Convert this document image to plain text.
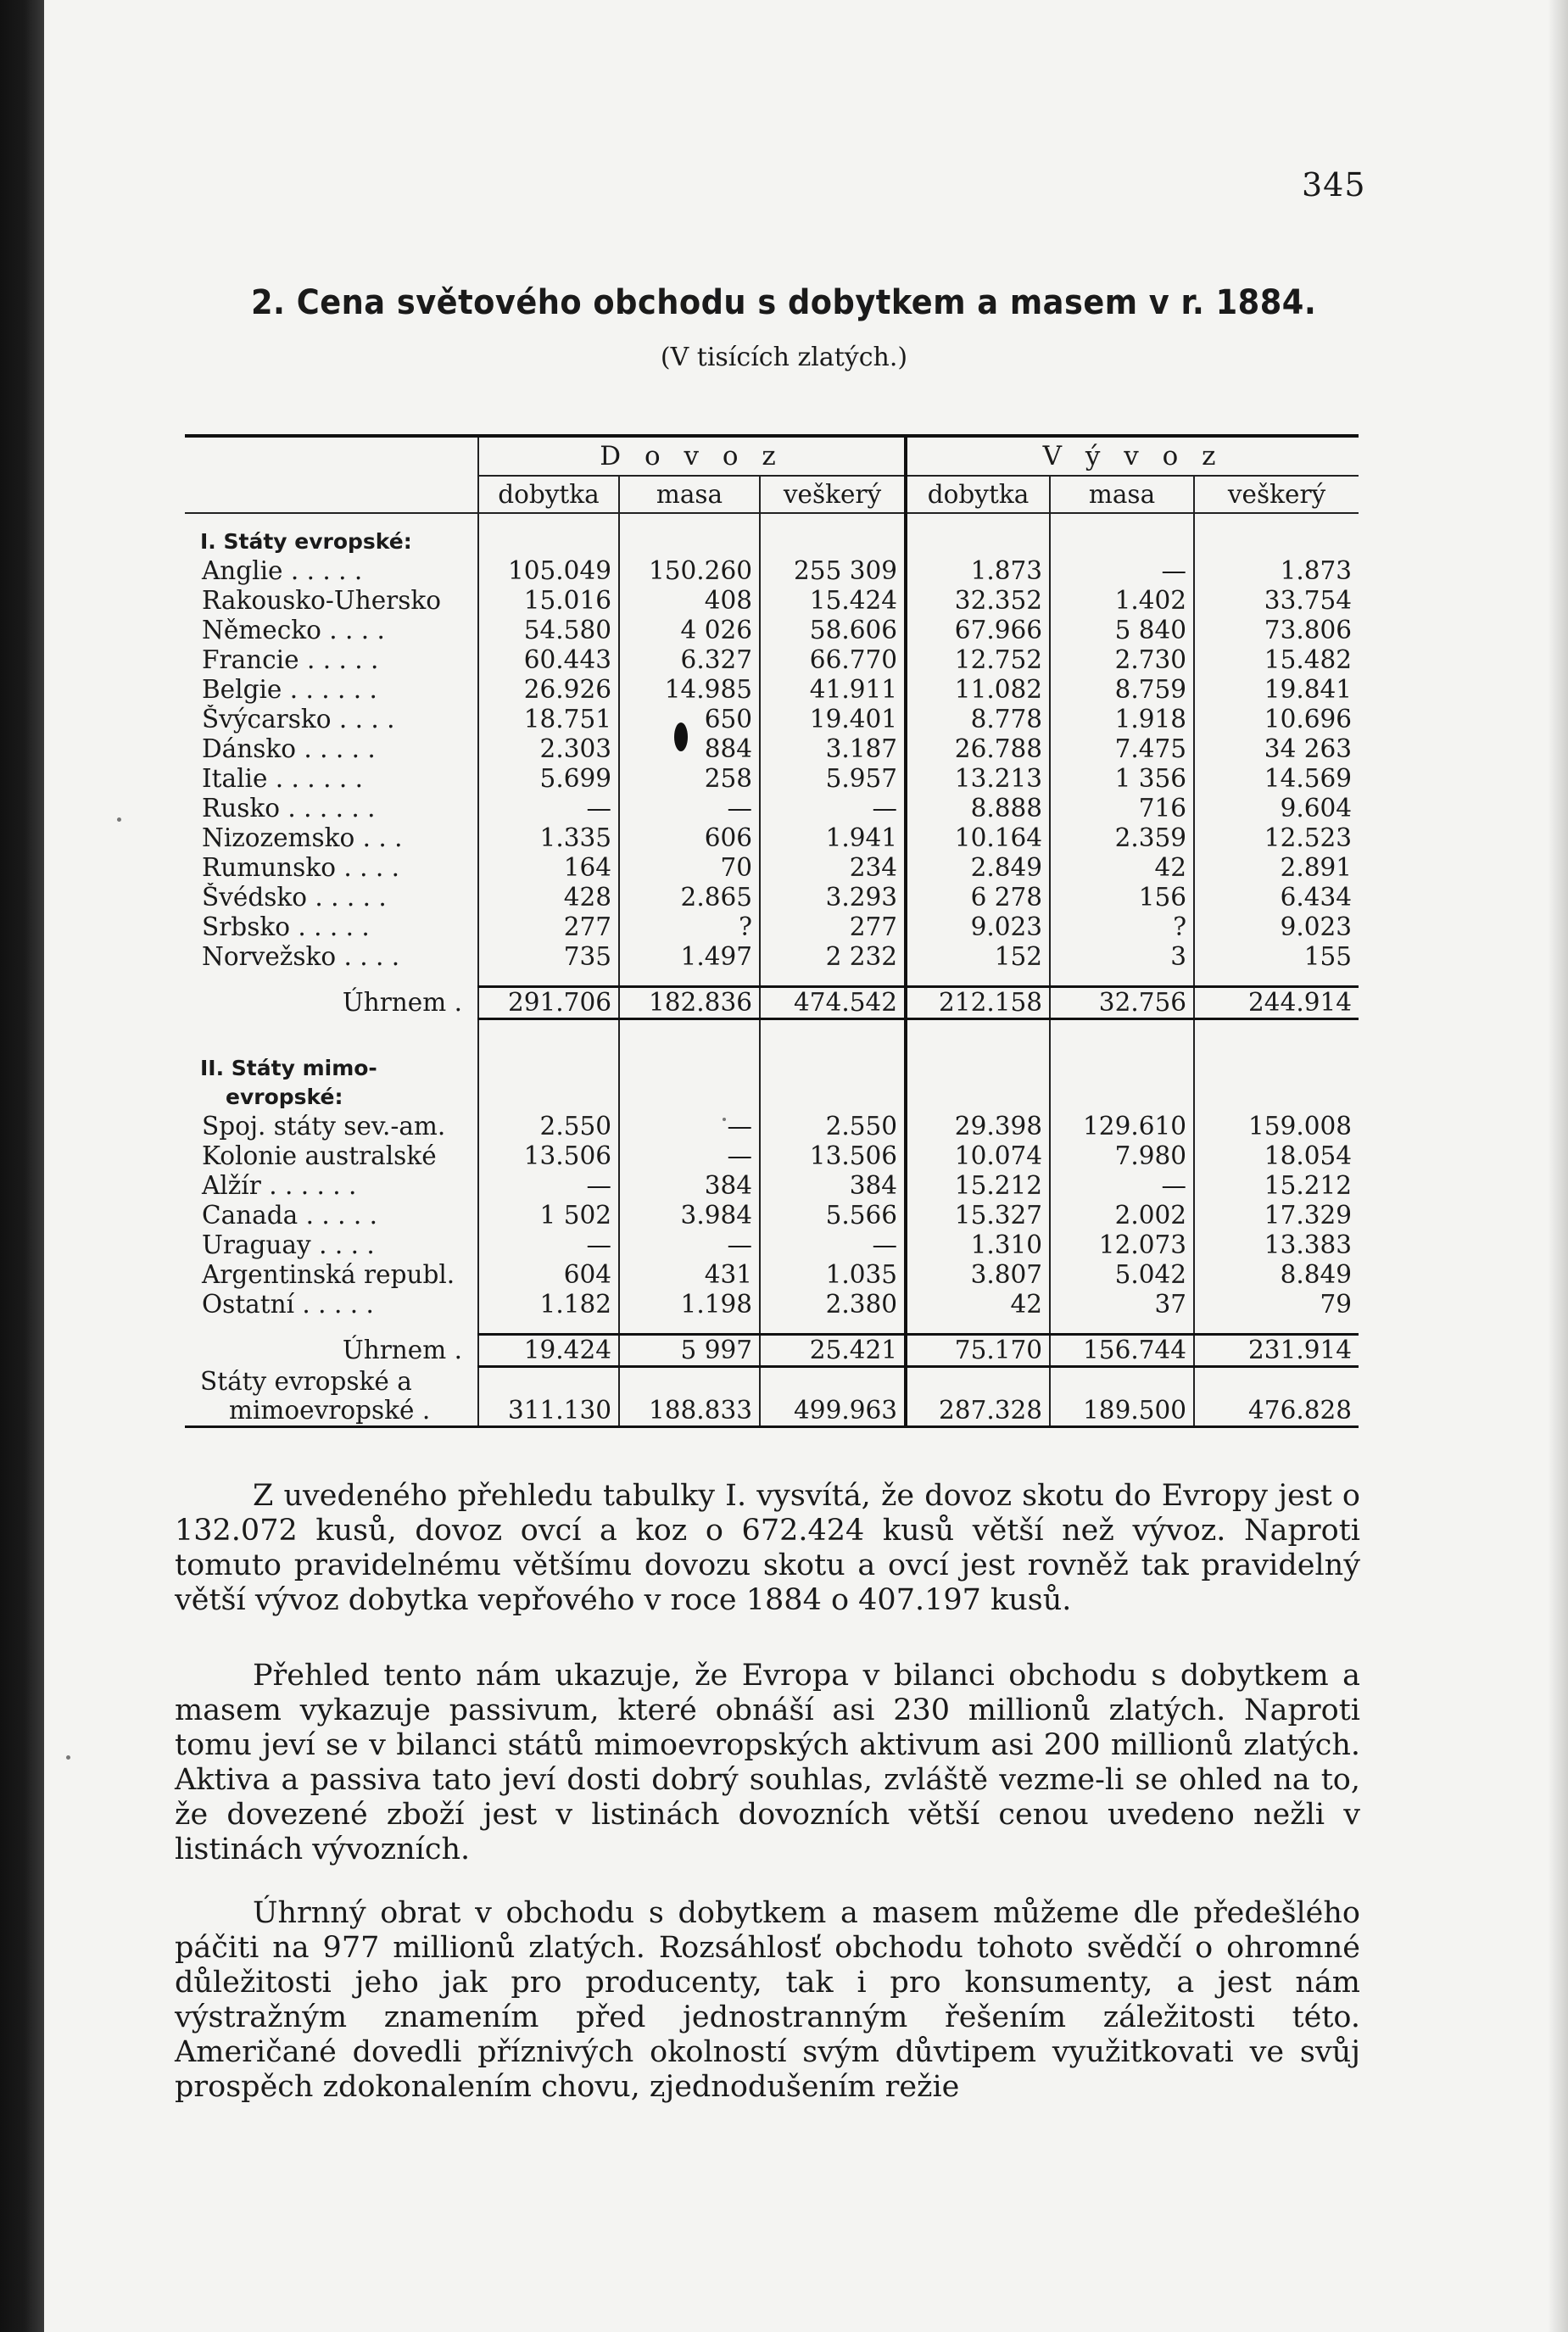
345
2. Cena světového obchodu s dobytkem a masem v r. 1884.
(V tisících zlatých.)
	D o v o z			V ý v o z		
	dobytka	masa	veškerý	dobytka	masa	veškerý

I. Státy evropské:						
Anglie . . . . .	105.049	150.260	255 309	1.873	—	1.873
Rakousko-Uhersko	15.016	408	15.424	32.352	1.402	33.754
Německo . . . .	54.580	4 026	58.606	67.966	5 840	73.806
Francie . . . . .	60.443	6.327	66.770	12.752	2.730	15.482
Belgie . . . . . .	26.926	14.985	41.911	11.082	8.759	19.841
Švýcarsko . . . .	18.751	650	19.401	8.778	1.918	10.696
Dánsko . . . . .	2.303	884	3.187	26.788	7.475	34 263
Italie . . . . . .	5.699	258	5.957	13.213	1 356	14.569
Rusko . . . . . .	—	—	—	8.888	716	9.604
Nizozemsko . . .	1.335	606	1.941	10.164	2.359	12.523
Rumunsko . . . .	164	70	234	2.849	42	2.891
Švédsko . . . . .	428	2.865	3.293	6 278	156	6.434
Srbsko . . . . .	277	?	277	9.023	?	9.023
Norvežsko . . . .	735	1.497	2 232	152	3	155

Úhrnem .	291.706	182.836	474.542	212.158	32.756	244.914

II. Státy mimo-						
evropské:						
Spoj. státy sev.-am.	2.550	—	2.550	29.398	129.610	159.008
Kolonie australské	13.506	—	13.506	10.074	7.980	18.054
Alžír . . . . . .	—	384	384	15.212	—	15.212
Canada . . . . .	1 502	3.984	5.566	15.327	2.002	17.329
Uraguay . . . .	—	—	—	1.310	12.073	13.383
Argentinská republ.	604	431	1.035	3.807	5.042	8.849
Ostatní . . . . .	1.182	1.198	2.380	42	37	79

Úhrnem .	19.424	5 997	25.421	75.170	156.744	231.914
Státy evropské a						
mimoevropské .	311.130	188.833	499.963	287.328	189.500	476.828

Z uvedeného přehledu tabulky I. vysvítá, že dovoz skotu do Evropy jest o 132.072 kusů, dovoz ovcí a koz o 672.424 kusů větší než vývoz. Naproti tomuto pravidelnému většímu dovozu skotu a ovcí jest rovněž tak pravidelný větší vývoz dobytka vepřového v roce 1884 o 407.197 kusů.

Přehled tento nám ukazuje, že Evropa v bilanci obchodu s dobytkem a masem vykazuje passivum, které obnáší asi 230 millionů zlatých. Naproti tomu jeví se v bilanci států mimoevropských aktivum asi 200 millionů zlatých. Aktiva a passiva tato jeví dosti dobrý souhlas, zvláště vezme-li se ohled na to, že dovezené zboží jest v listinách dovozních větší cenou uvedeno nežli v listinách vývozních.

Úhrnný obrat v obchodu s dobytkem a masem můžeme dle předešlého páčiti na 977 millionů zlatých. Rozsáhlosť obchodu tohoto svědčí o ohromné důležitosti jeho jak pro producenty, tak i pro konsumenty, a jest nám výstražným znamením před jednostranným řešením záležitosti této. Američané dovedli příznivých okolností svým důvtipem využitkovati ve svůj prospěch zdokonalením chovu, zjednodušením režie
